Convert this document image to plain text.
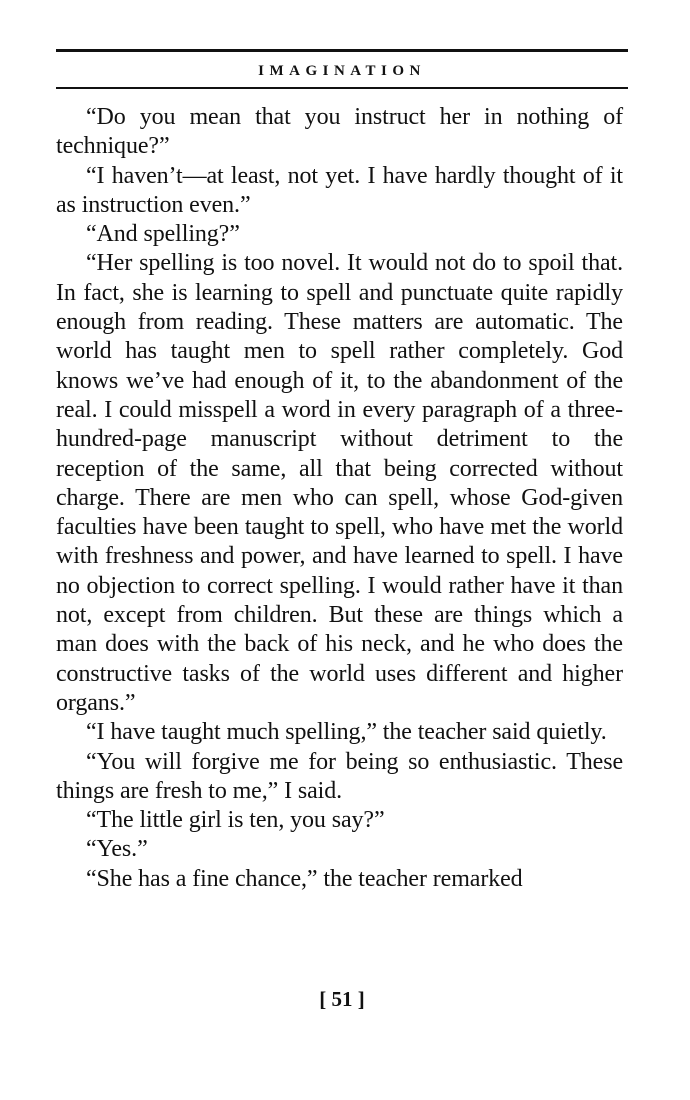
IMAGINATION

“Do you mean that you instruct her in nothing of technique?”

“I haven’t—at least, not yet. I have hardly thought of it as instruction even.”

“And spelling?”

“Her spelling is too novel. It would not do to spoil that. In fact, she is learning to spell and punctuate quite rapidly enough from reading. These matters are automatic. The world has taught men to spell rather completely. God knows we’ve had enough of it, to the abandonment of the real. I could misspell a word in every paragraph of a three-hundred-page manuscript without detriment to the reception of the same, all that being corrected without charge. There are men who can spell, whose God-given faculties have been taught to spell, who have met the world with freshness and power, and have learned to spell. I have no objection to correct spelling. I would rather have it than not, except from children. But these are things which a man does with the back of his neck, and he who does the constructive tasks of the world uses different and higher organs.”

“I have taught much spelling,” the teacher said quietly.

“You will forgive me for being so enthusiastic. These things are fresh to me,” I said.

“The little girl is ten, you say?”

“Yes.”

“She has a fine chance,” the teacher remarked

[ 51 ]
